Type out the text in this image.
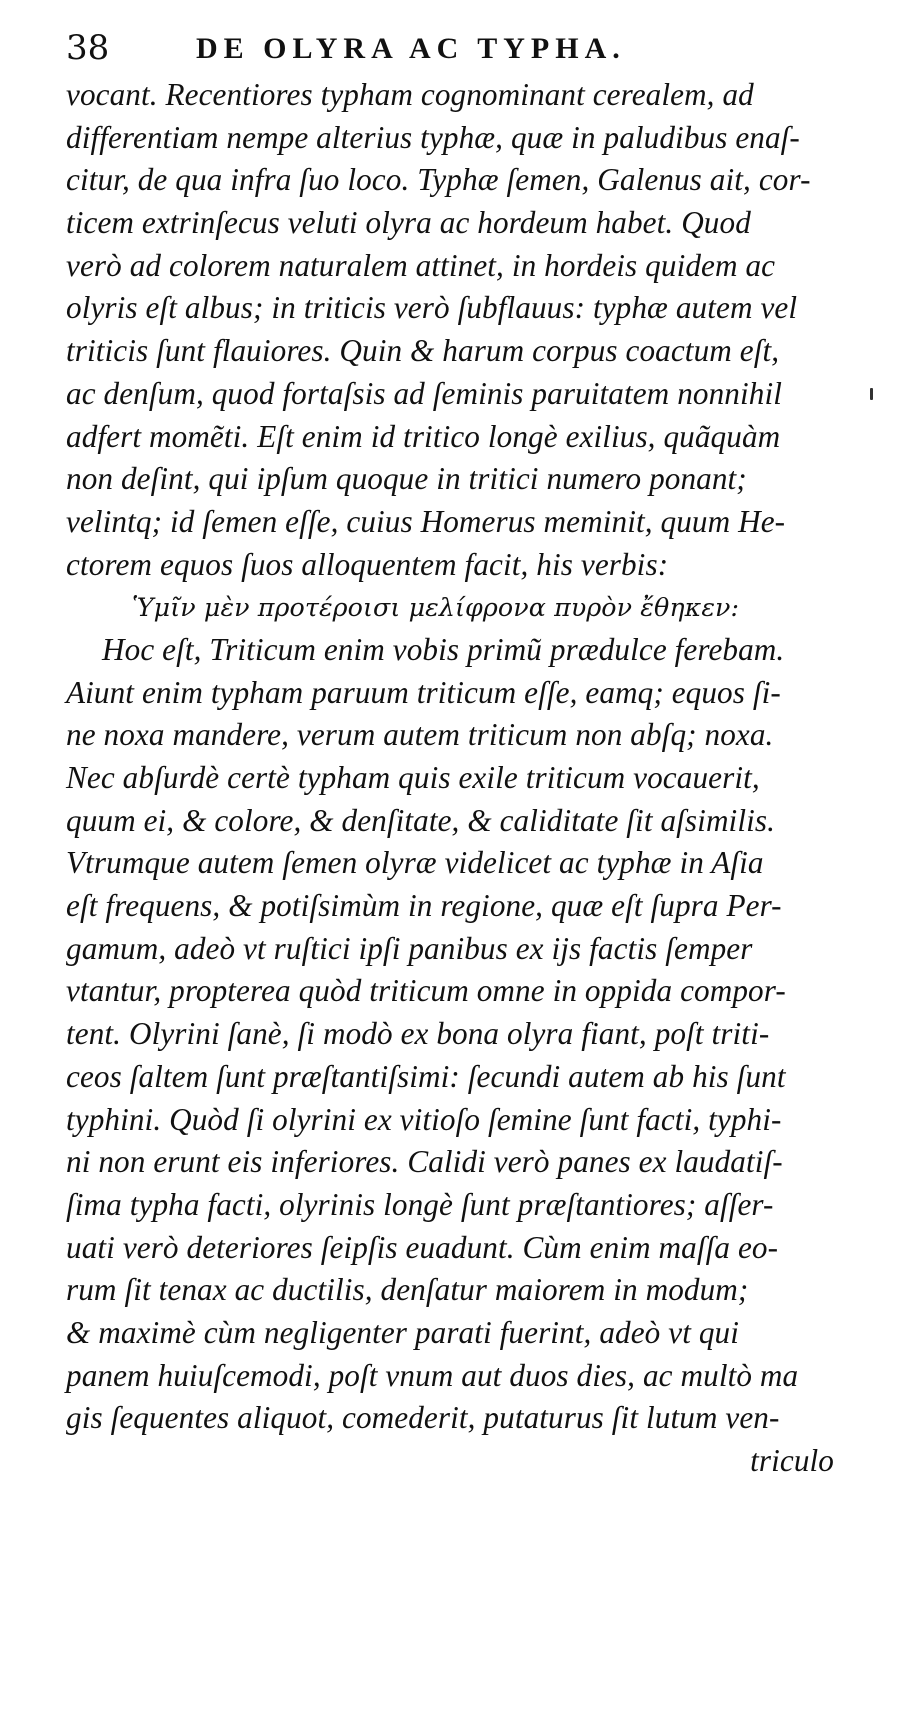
38	DE OLYRA AC TYPHA.
vocant. Recentiores typham cognominant cerealem, ad
differentiam nempe alterius typhæ, quæ in paludibus enaſ-
citur, de qua infra ſuo loco. Typhæ ſemen, Galenus ait, cor-
ticem extrinſecus veluti olyra ac hordeum habet. Quod
verò ad colorem naturalem attinet, in hordeis quidem ac
olyris eſt albus; in triticis verò ſubflauus: typhæ autem vel
triticis ſunt flauiores. Quin & harum corpus coactum eſt,
ac denſum, quod fortaſsis ad ſeminis paruitatem nonnihil
adfert momẽti. Eſt enim id tritico longè exilius, quãquàm
non deſint, qui ipſum quoque in tritici numero ponant;
velintq; id ſemen eſſe, cuius Homerus meminit, quum He-
ctorem equos ſuos alloquentem facit, his verbis:
Ὑμῖν μὲν προτέροισι μελίφρονα πυρὸν ἔθηκεν:
Hoc eſt, Triticum enim vobis primũ prædulce ferebam.
Aiunt enim typham paruum triticum eſſe, eamq; equos ſi-
ne noxa mandere, verum autem triticum non abſq; noxa.
Nec abſurdè certè typham quis exile triticum vocauerit,
quum ei, & colore, & denſitate, & caliditate ſit aſsimilis.
Vtrumque autem ſemen olyræ videlicet ac typhæ in Aſia
eſt frequens, & potiſsimùm in regione, quæ eſt ſupra Per-
gamum, adeò vt ruſtici ipſi panibus ex ijs factis ſemper
vtantur, propterea quòd triticum omne in oppida compor-
tent. Olyrini ſanè, ſi modò ex bona olyra fiant, poſt triti-
ceos ſaltem ſunt præſtantiſsimi: ſecundi autem ab his ſunt
typhini. Quòd ſi olyrini ex vitioſo ſemine ſunt facti, typhi-
ni non erunt eis inferiores. Calidi verò panes ex laudatiſ-
ſima typha facti, olyrinis longè ſunt præſtantiores; aſſer-
uati verò deteriores ſeipſis euadunt. Cùm enim maſſa eo-
rum ſit tenax ac ductilis, denſatur maiorem in modum;
& maximè cùm negligenter parati fuerint, adeò vt qui
panem huiuſcemodi, poſt vnum aut duos dies, ac multò ma
gis ſequentes aliquot, comederit, putaturus ſit lutum ven-
triculo
